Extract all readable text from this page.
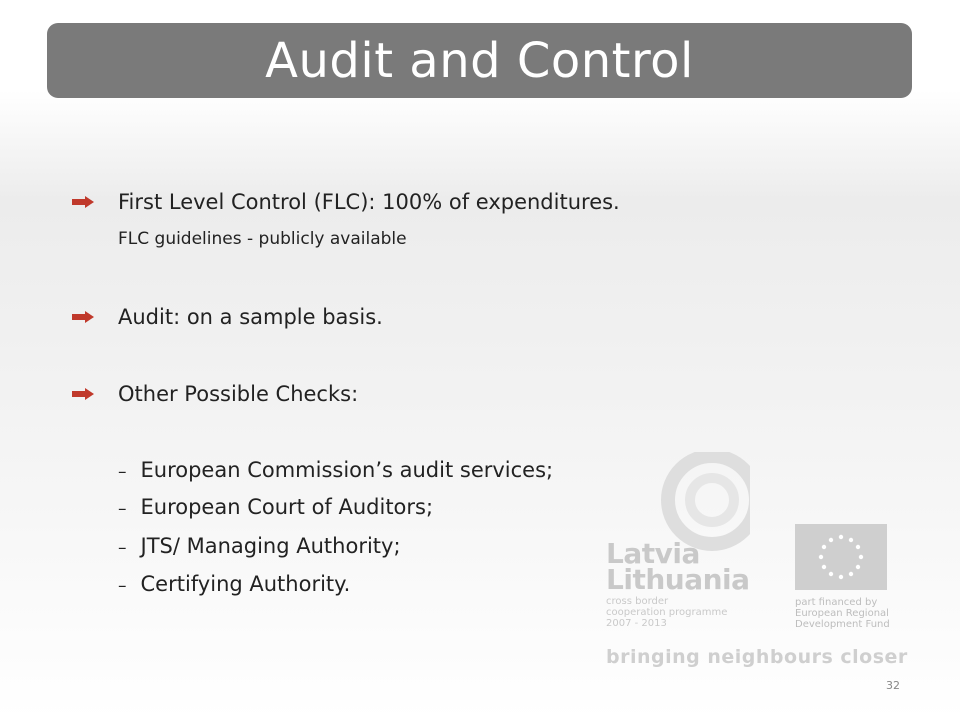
Audit and Control
First Level Control (FLC): 100% of expenditures.
FLC guidelines - publicly available
Audit: on a sample basis.
Other Possible Checks:
Latvia
Lithuania
cross border
cooperation programme
2007 - 2013
part financed by
European Regional
Development Fund
bringing neighbours closer
– European Commission’s audit services;
– European Court of Auditors;
– JTS/ Managing Authority;
– Certifying Authority.
32
